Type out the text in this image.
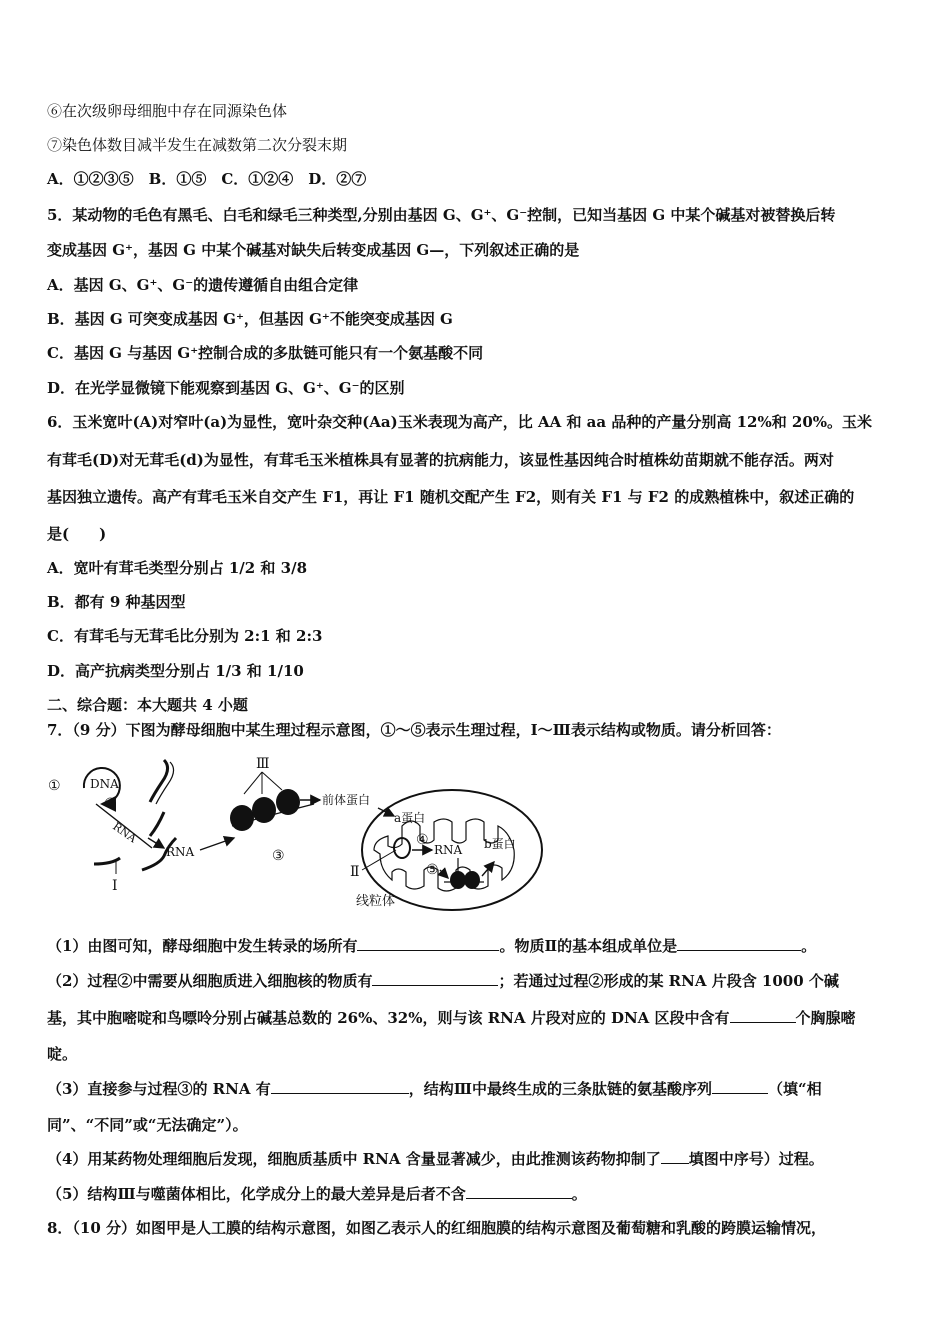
⑥在次级卵母细胞中存在同源染色体
⑦染色体数目减半发生在减数第二次分裂末期
A．①②③⑤　B．①⑤　C．①②④　D．②⑦
5．某动物的毛色有黑毛、白毛和绿毛三种类型,分别由基因 G、G⁺、G⁻控制，已知当基因 G 中某个碱基对被替换后转
变成基因 G⁺，基因 G 中某个碱基对缺失后转变成基因 G—，下列叙述正确的是
A．基因 G、G⁺、G⁻的遗传遵循自由组合定律
B．基因 G 可突变成基因 G⁺，但基因 G⁺不能突变成基因 G
C．基因 G 与基因 G⁺控制合成的多肽链可能只有一个氨基酸不同
D．在光学显微镜下能观察到基因 G、G⁺、G⁻的区别
6．玉米宽叶(A)对窄叶(a)为显性，宽叶杂交种(Aa)玉米表现为高产，比 AA 和 aa 品种的产量分别高 12%和 20%。玉米
有茸毛(D)对无茸毛(d)为显性，有茸毛玉米植株具有显著的抗病能力，该显性基因纯合时植株幼苗期就不能存活。两对
基因独立遗传。高产有茸毛玉米自交产生 F1，再让 F1 随机交配产生 F2，则有关 F1 与 F2 的成熟植株中，叙述正确的
是(　　)
A．宽叶有茸毛类型分别占 1/2 和 3/8
B．都有 9 种基因型
C．有茸毛与无茸毛比分别为 2:1 和 2:3
D．高产抗病类型分别占 1/3 和 1/10
二、综合题：本大题共 4 小题
7．（9 分）下图为酵母细胞中某生理过程示意图，①～⑤表示生理过程，Ⅰ～Ⅲ表示结构或物质。请分析回答：
① DNA
②
RNA
Ⅰ
RNA
Ⅲ
③
前体蛋白
a蛋白
④
RNA b蛋白
⑤
Ⅱ
线粒体
（1）由图可知，酵母细胞中发生转录的场所有	。物质Ⅱ的基本组成单位是	。
（2）过程②中需要从细胞质进入细胞核的物质有	；若通过过程②形成的某 RNA 片段含 1000 个碱
基，其中胞嘧啶和鸟嘌呤分别占碱基总数的 26%、32%，则与该 RNA 片段对应的 DNA 区段中含有	个胸腺嘧
啶。
（3）直接参与过程③的 RNA 有	，结构Ⅲ中最终生成的三条肽链的氨基酸序列	（填“相
同”、“不同”或“无法确定”）。
（4）用某药物处理细胞后发现，细胞质基质中 RNA 含量显著减少，由此推测该药物抑制了 填图中序号）过程。
（5）结构Ⅲ与噬菌体相比，化学成分上的最大差异是后者不含	。
8．（10 分）如图甲是人工膜的结构示意图，如图乙表示人的红细胞膜的结构示意图及葡萄糖和乳酸的跨膜运输情况，
